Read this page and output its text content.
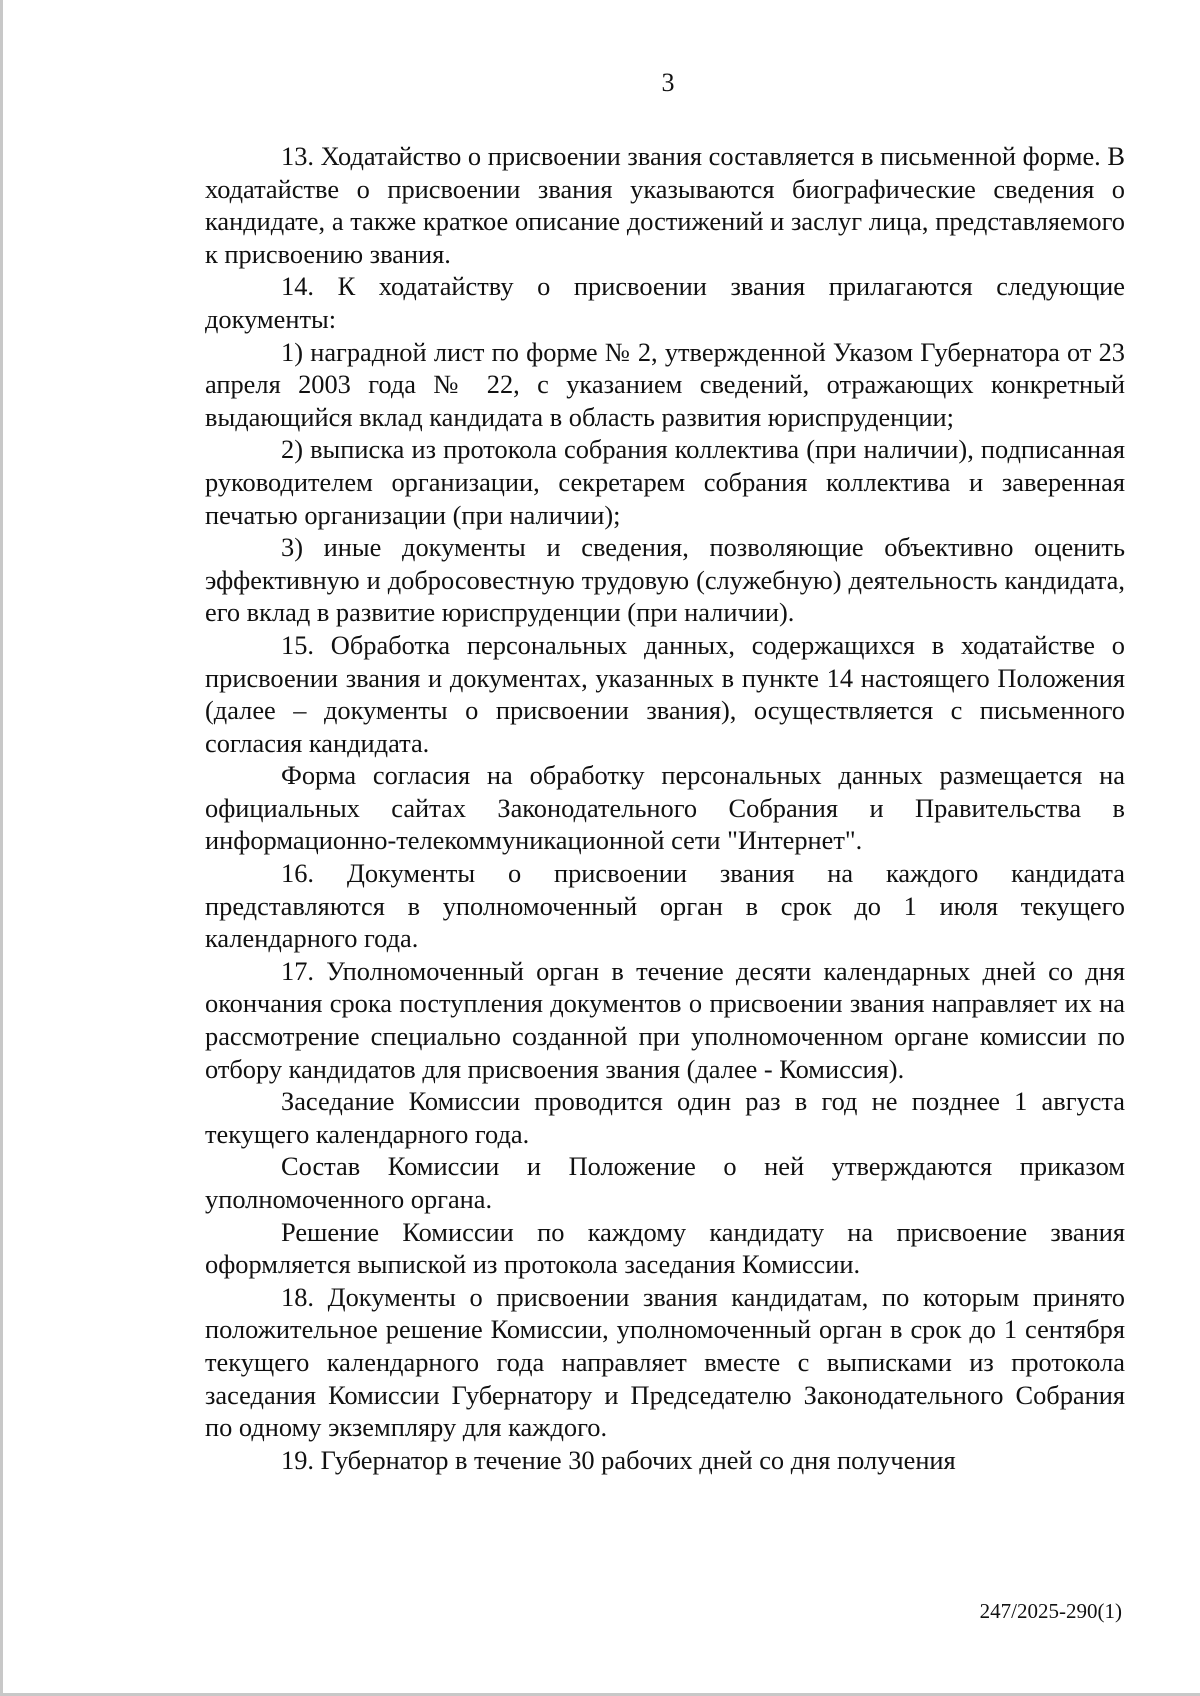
3

13. Ходатайство о присвоении звания составляется в письменной форме. В ходатайстве о присвоении звания указываются биографические сведения о кандидате, а также краткое описание достижений и заслуг лица, представляемого к присвоению звания.

14. К ходатайству о присвоении звания прилагаются следующие документы:

1) наградной лист по форме № 2, утвержденной Указом Губернатора от 23 апреля 2003 года № 22, с указанием сведений, отражающих конкретный выдающийся вклад кандидата в область развития юриспруденции;

2) выписка из протокола собрания коллектива (при наличии), подписанная руководителем организации, секретарем собрания коллектива и заверенная печатью организации (при наличии);

3) иные документы и сведения, позволяющие объективно оценить эффективную и добросовестную трудовую (служебную) деятельность кандидата, его вклад в развитие юриспруденции (при наличии).

15. Обработка персональных данных, содержащихся в ходатайстве о присвоении звания и документах, указанных в пункте 14 настоящего Положения (далее – документы о присвоении звания), осуществляется с письменного согласия кандидата.

Форма согласия на обработку персональных данных размещается на официальных сайтах Законодательного Собрания и Правительства в информационно-телекоммуникационной сети "Интернет".

16. Документы о присвоении звания на каждого кандидата представляются в уполномоченный орган в срок до 1 июля текущего календарного года.

17. Уполномоченный орган в течение десяти календарных дней со дня окончания срока поступления документов о присвоении звания направляет их на рассмотрение специально созданной при уполномоченном органе комиссии по отбору кандидатов для присвоения звания (далее - Комиссия).

Заседание Комиссии проводится один раз в год не позднее 1 августа текущего календарного года.

Состав Комиссии и Положение о ней утверждаются приказом уполномоченного органа.

Решение Комиссии по каждому кандидату на присвоение звания оформляется выпиской из протокола заседания Комиссии.

18. Документы о присвоении звания кандидатам, по которым принято положительное решение Комиссии, уполномоченный орган в срок до 1 сентября текущего календарного года направляет вместе с выписками из протокола заседания Комиссии Губернатору и Председателю Законодательного Собрания по одному экземпляру для каждого.

19. Губернатор в течение 30 рабочих дней со дня получения

247/2025-290(1)
